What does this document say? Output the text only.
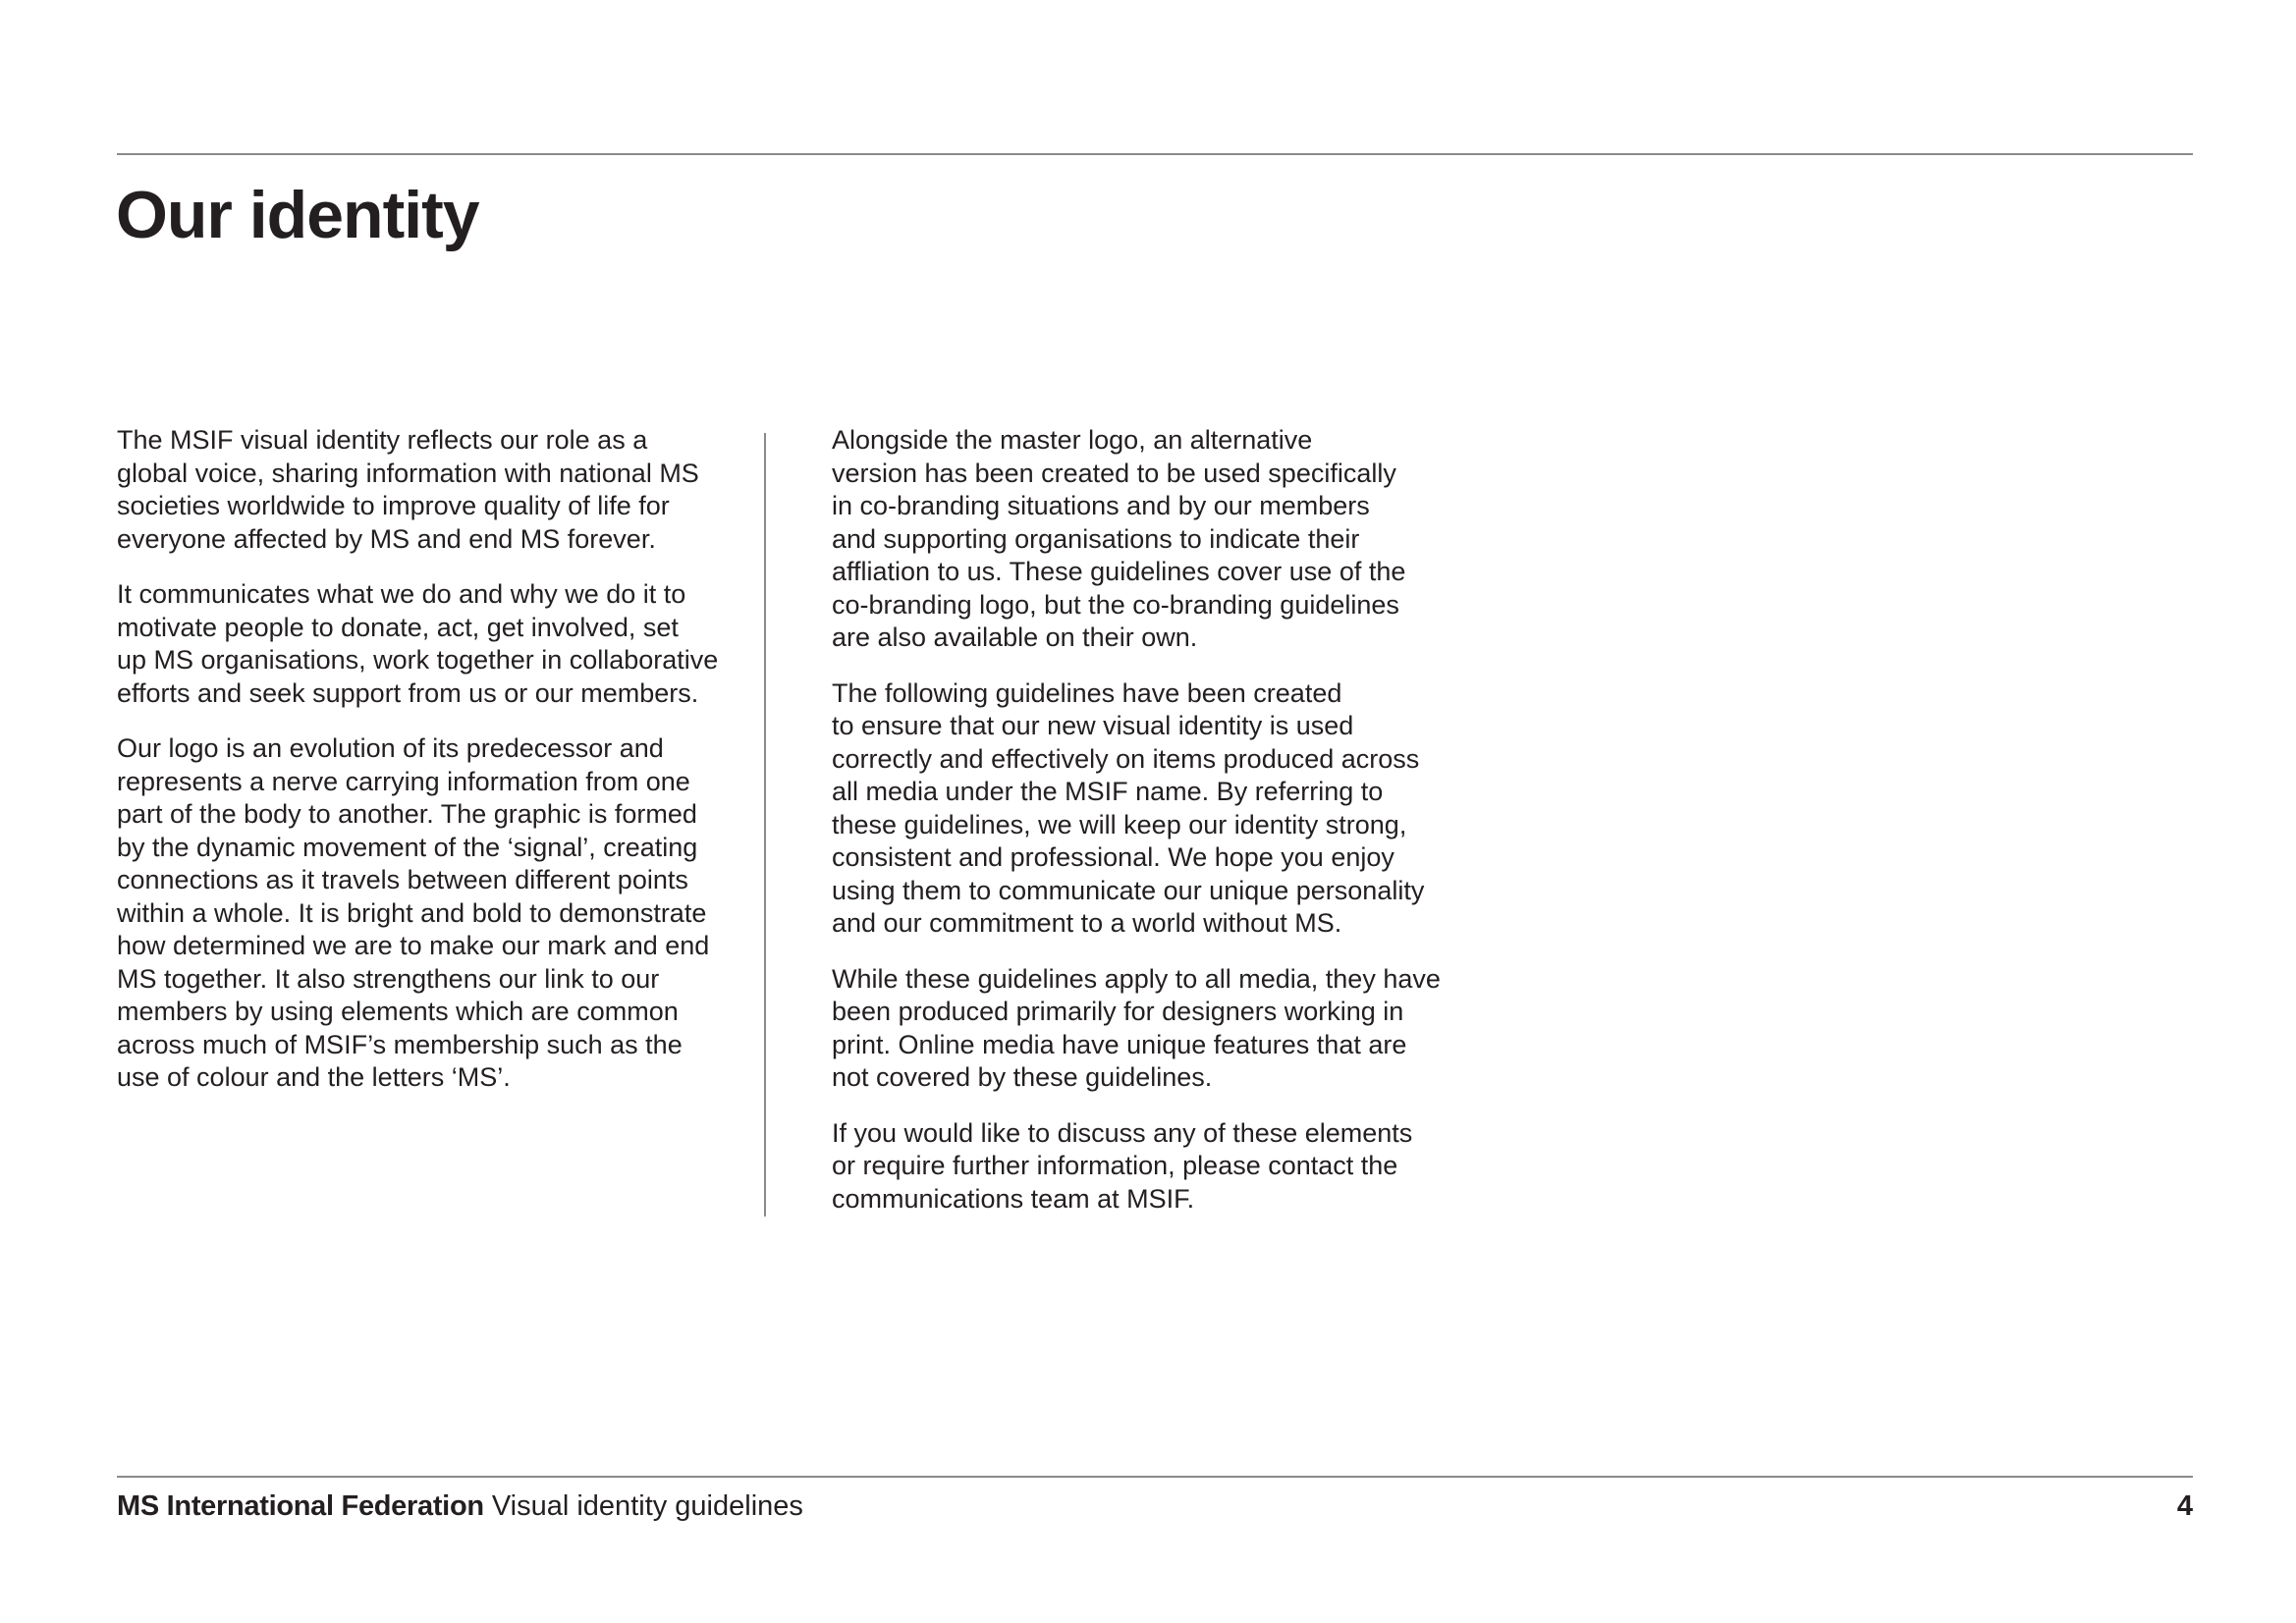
Our identity

The MSIF visual identity reflects our role as a
global voice, sharing information with national MS
societies worldwide to improve quality of life for
everyone affected by MS and end MS forever.

It communicates what we do and why we do it to
motivate people to donate, act, get involved, set
up MS organisations, work together in collaborative
efforts and seek support from us or our members.

Our logo is an evolution of its predecessor and
represents a nerve carrying information from one
part of the body to another. The graphic is formed
by the dynamic movement of the ‘signal’, creating
connections as it travels between different points
within a whole. It is bright and bold to demonstrate
how determined we are to make our mark and end
MS together. It also strengthens our link to our
members by using elements which are common
across much of MSIF’s membership such as the
use of colour and the letters ‘MS’.

Alongside the master logo, an alternative
version has been created to be used specifically
in co-branding situations and by our members
and supporting organisations to indicate their
affliation to us. These guidelines cover use of the
co-branding logo, but the co-branding guidelines
are also available on their own.

The following guidelines have been created
to ensure that our new visual identity is used
correctly and effectively on items produced across
all media under the MSIF name. By referring to
these guidelines, we will keep our identity strong,
consistent and professional. We hope you enjoy
using them to communicate our unique personality
and our commitment to a world without MS.

While these guidelines apply to all media, they have
been produced primarily for designers working in
print. Online media have unique features that are
not covered by these guidelines.

If you would like to discuss any of these elements
or require further information, please contact the
communications team at MSIF.

MS International Federation Visual identity guidelines	4
